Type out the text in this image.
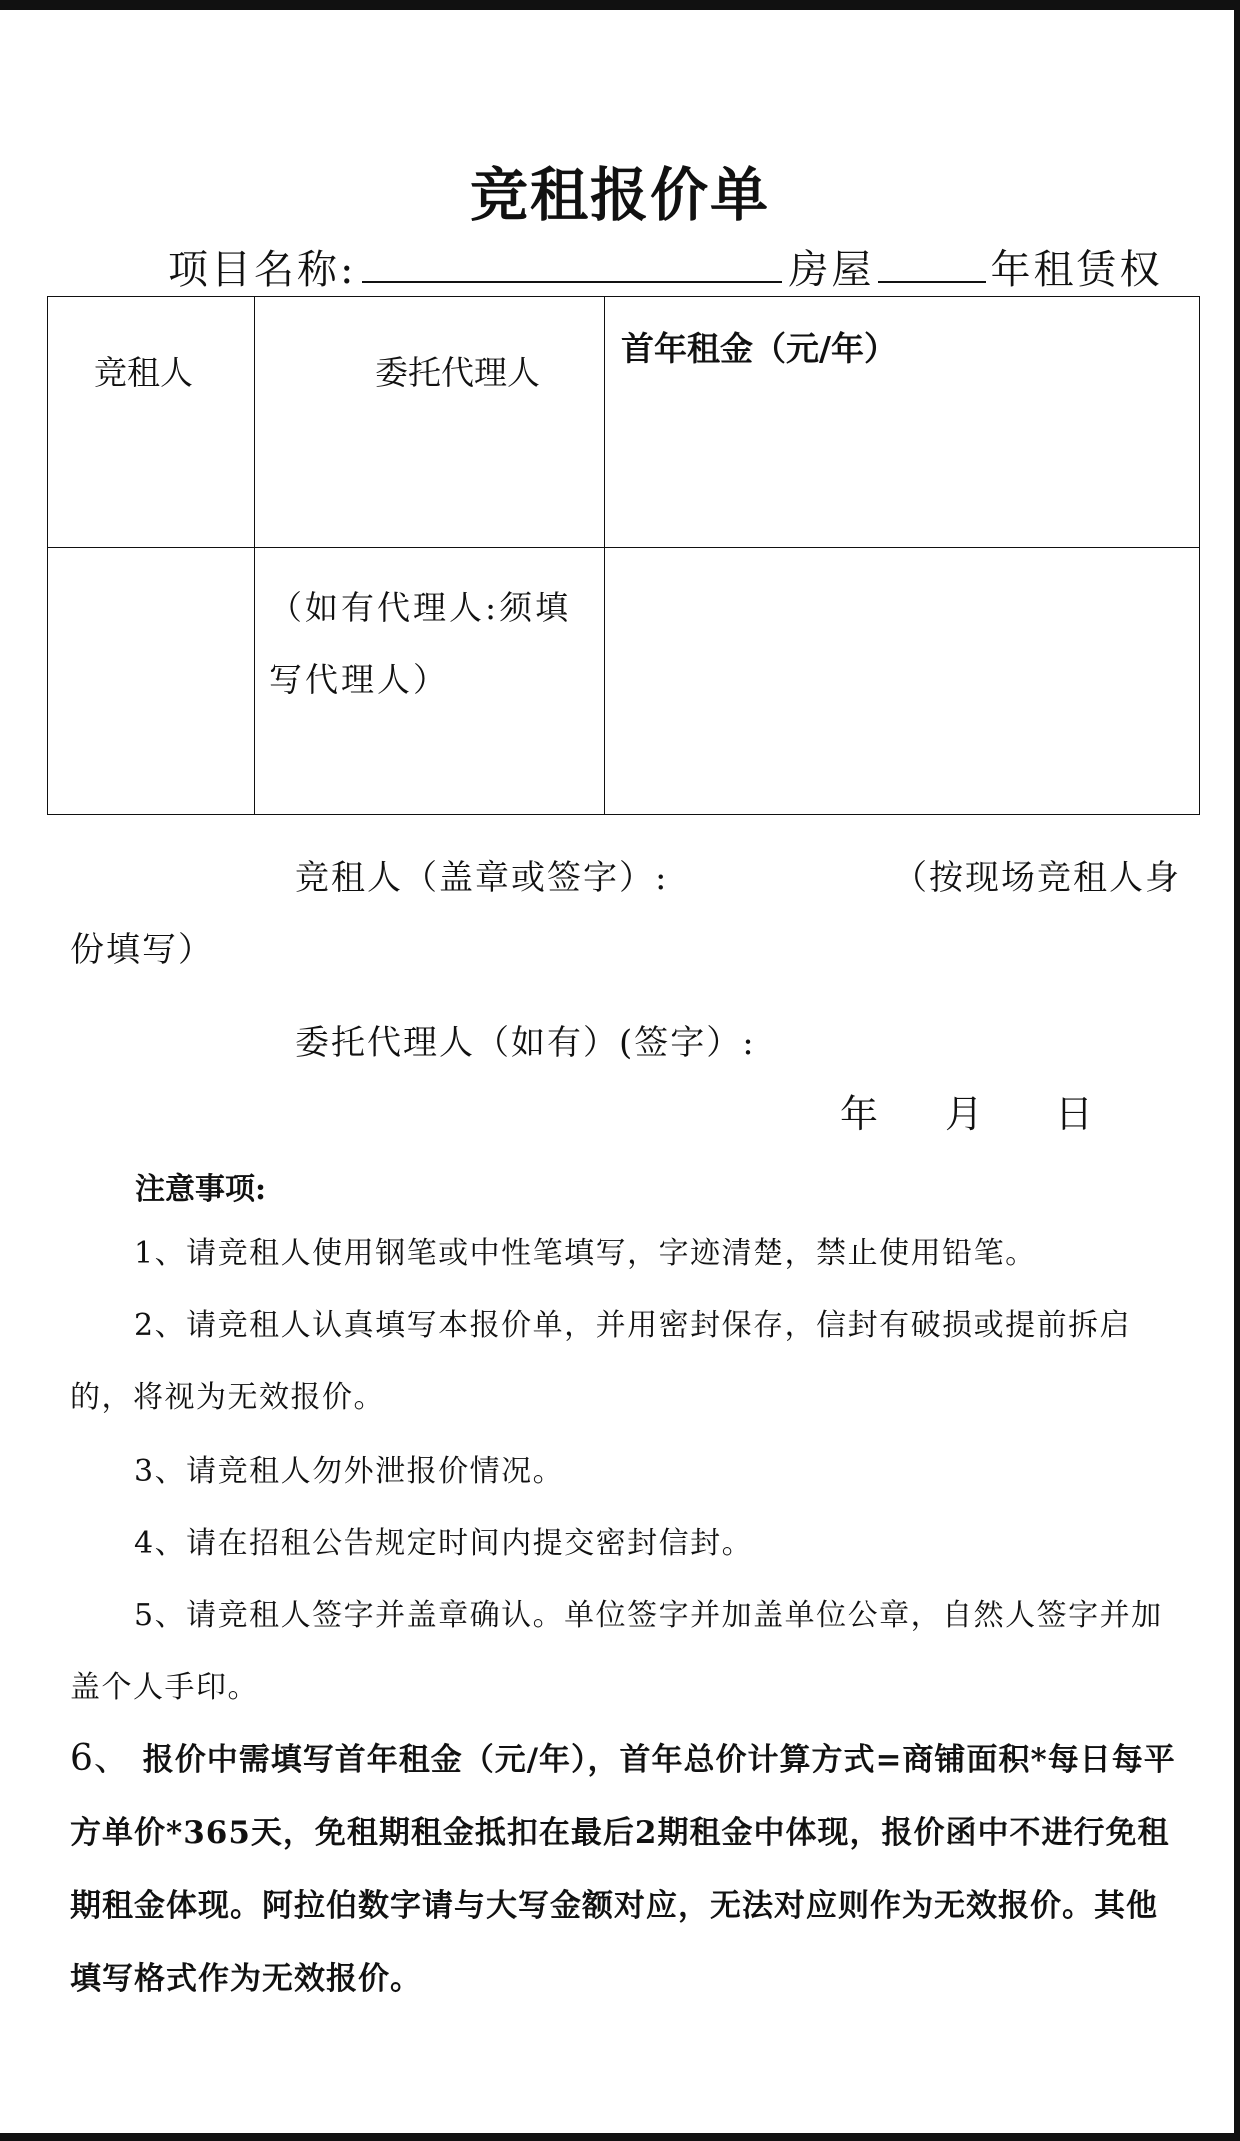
竞租报价单
项目名称:	房屋	年租赁权
竞租人	委托代理人	首年租金（元/年）

	（如有代理人:须填
写代理人）	

竞租人（盖章或签字）:	（按现场竞租人身
份填写）
委托代理人（如有）(签字）:
年 月 日
注意事项:

1、请竞租人使用钢笔或中性笔填写，字迹清楚，禁止使用铅笔。

2、请竞租人认真填写本报价单，并用密封保存，信封有破损或提前拆启的，将视为无效报价。

3、请竞租人勿外泄报价情况。

4、请在招租公告规定时间内提交密封信封。

5、请竞租人签字并盖章确认。单位签字并加盖单位公章，自然人签字并加盖个人手印。

6、 报价中需填写首年租金（元/年），首年总价计算方式=商铺面积*每日每平方单价*365天，免租期租金抵扣在最后2期租金中体现，报价函中不进行免租期租金体现。阿拉伯数字请与大写金额对应，无法对应则作为无效报价。其他填写格式作为无效报价。
